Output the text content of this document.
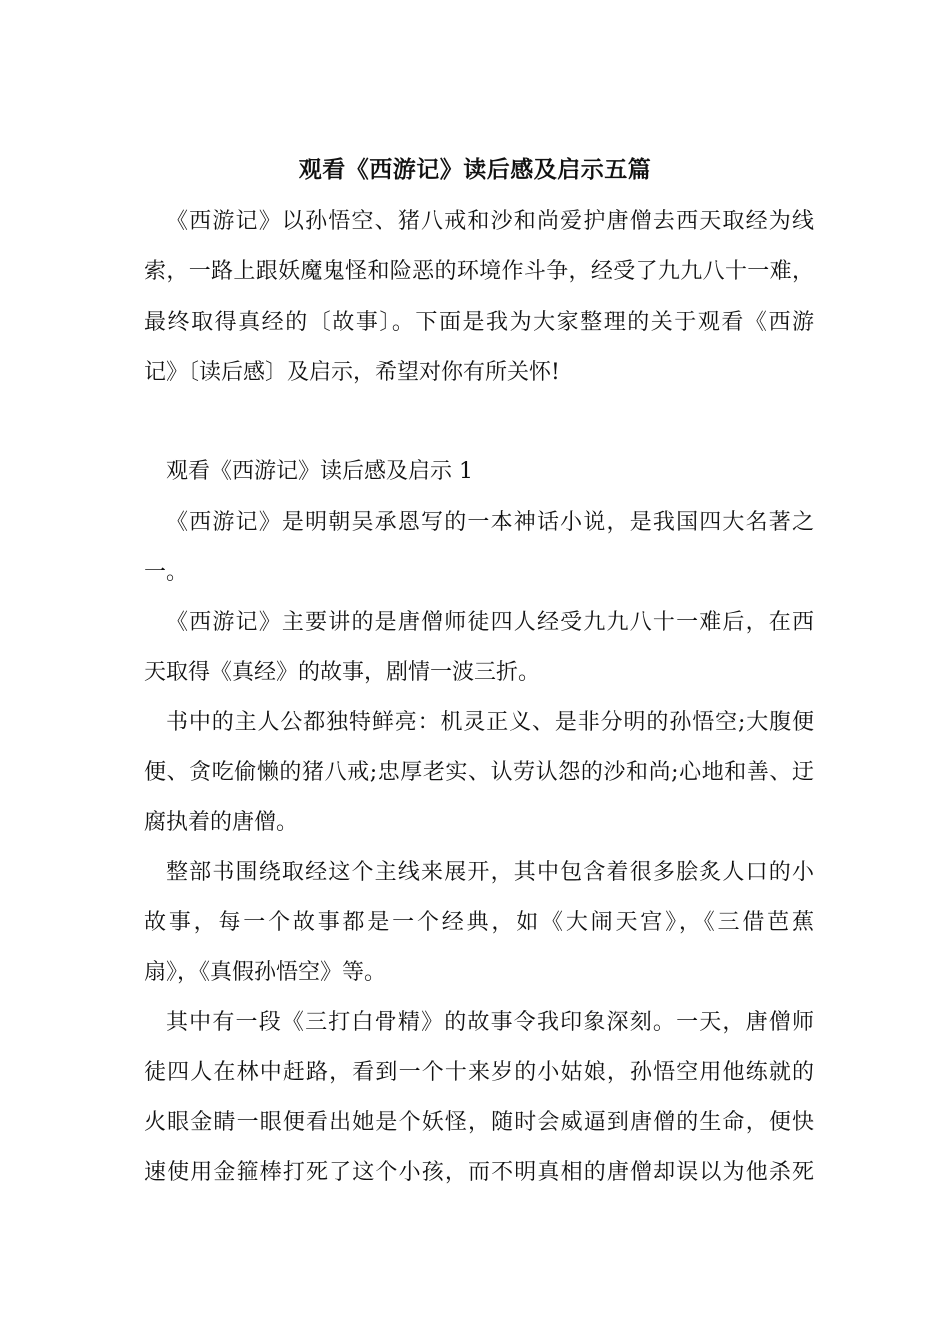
观看《西游记》读后感及启示五篇
《西游记》以孙悟空、猪八戒和沙和尚爱护唐僧去西天取经为线
索，一路上跟妖魔鬼怪和险恶的环境作斗争，经受了九九八十一难，
最终取得真经的〔故事〕。下面是我为大家整理的关于观看《西游
记》〔读后感〕及启示，希望对你有所关怀!
观看《西游记》读后感及启示 1
《西游记》是明朝吴承恩写的一本神话小说，是我国四大名著之
一。
《西游记》主要讲的是唐僧师徒四人经受九九八十一难后，在西
天取得《真经》的故事，剧情一波三折。
书中的主人公都独特鲜亮：机灵正义、是非分明的孙悟空;大腹便
便、贪吃偷懒的猪八戒;忠厚老实、认劳认怨的沙和尚;心地和善、迂
腐执着的唐僧。
整部书围绕取经这个主线来展开，其中包含着很多脍炙人口的小
故事，每一个故事都是一个经典，如《大闹天宫》，《三借芭蕉
扇》，《真假孙悟空》等。
其中有一段《三打白骨精》的故事令我印象深刻。一天，唐僧师
徒四人在林中赶路，看到一个十来岁的小姑娘，孙悟空用他练就的
火眼金睛一眼便看出她是个妖怪，随时会威逼到唐僧的生命，便快
速使用金箍棒打死了这个小孩，而不明真相的唐僧却误以为他杀死
